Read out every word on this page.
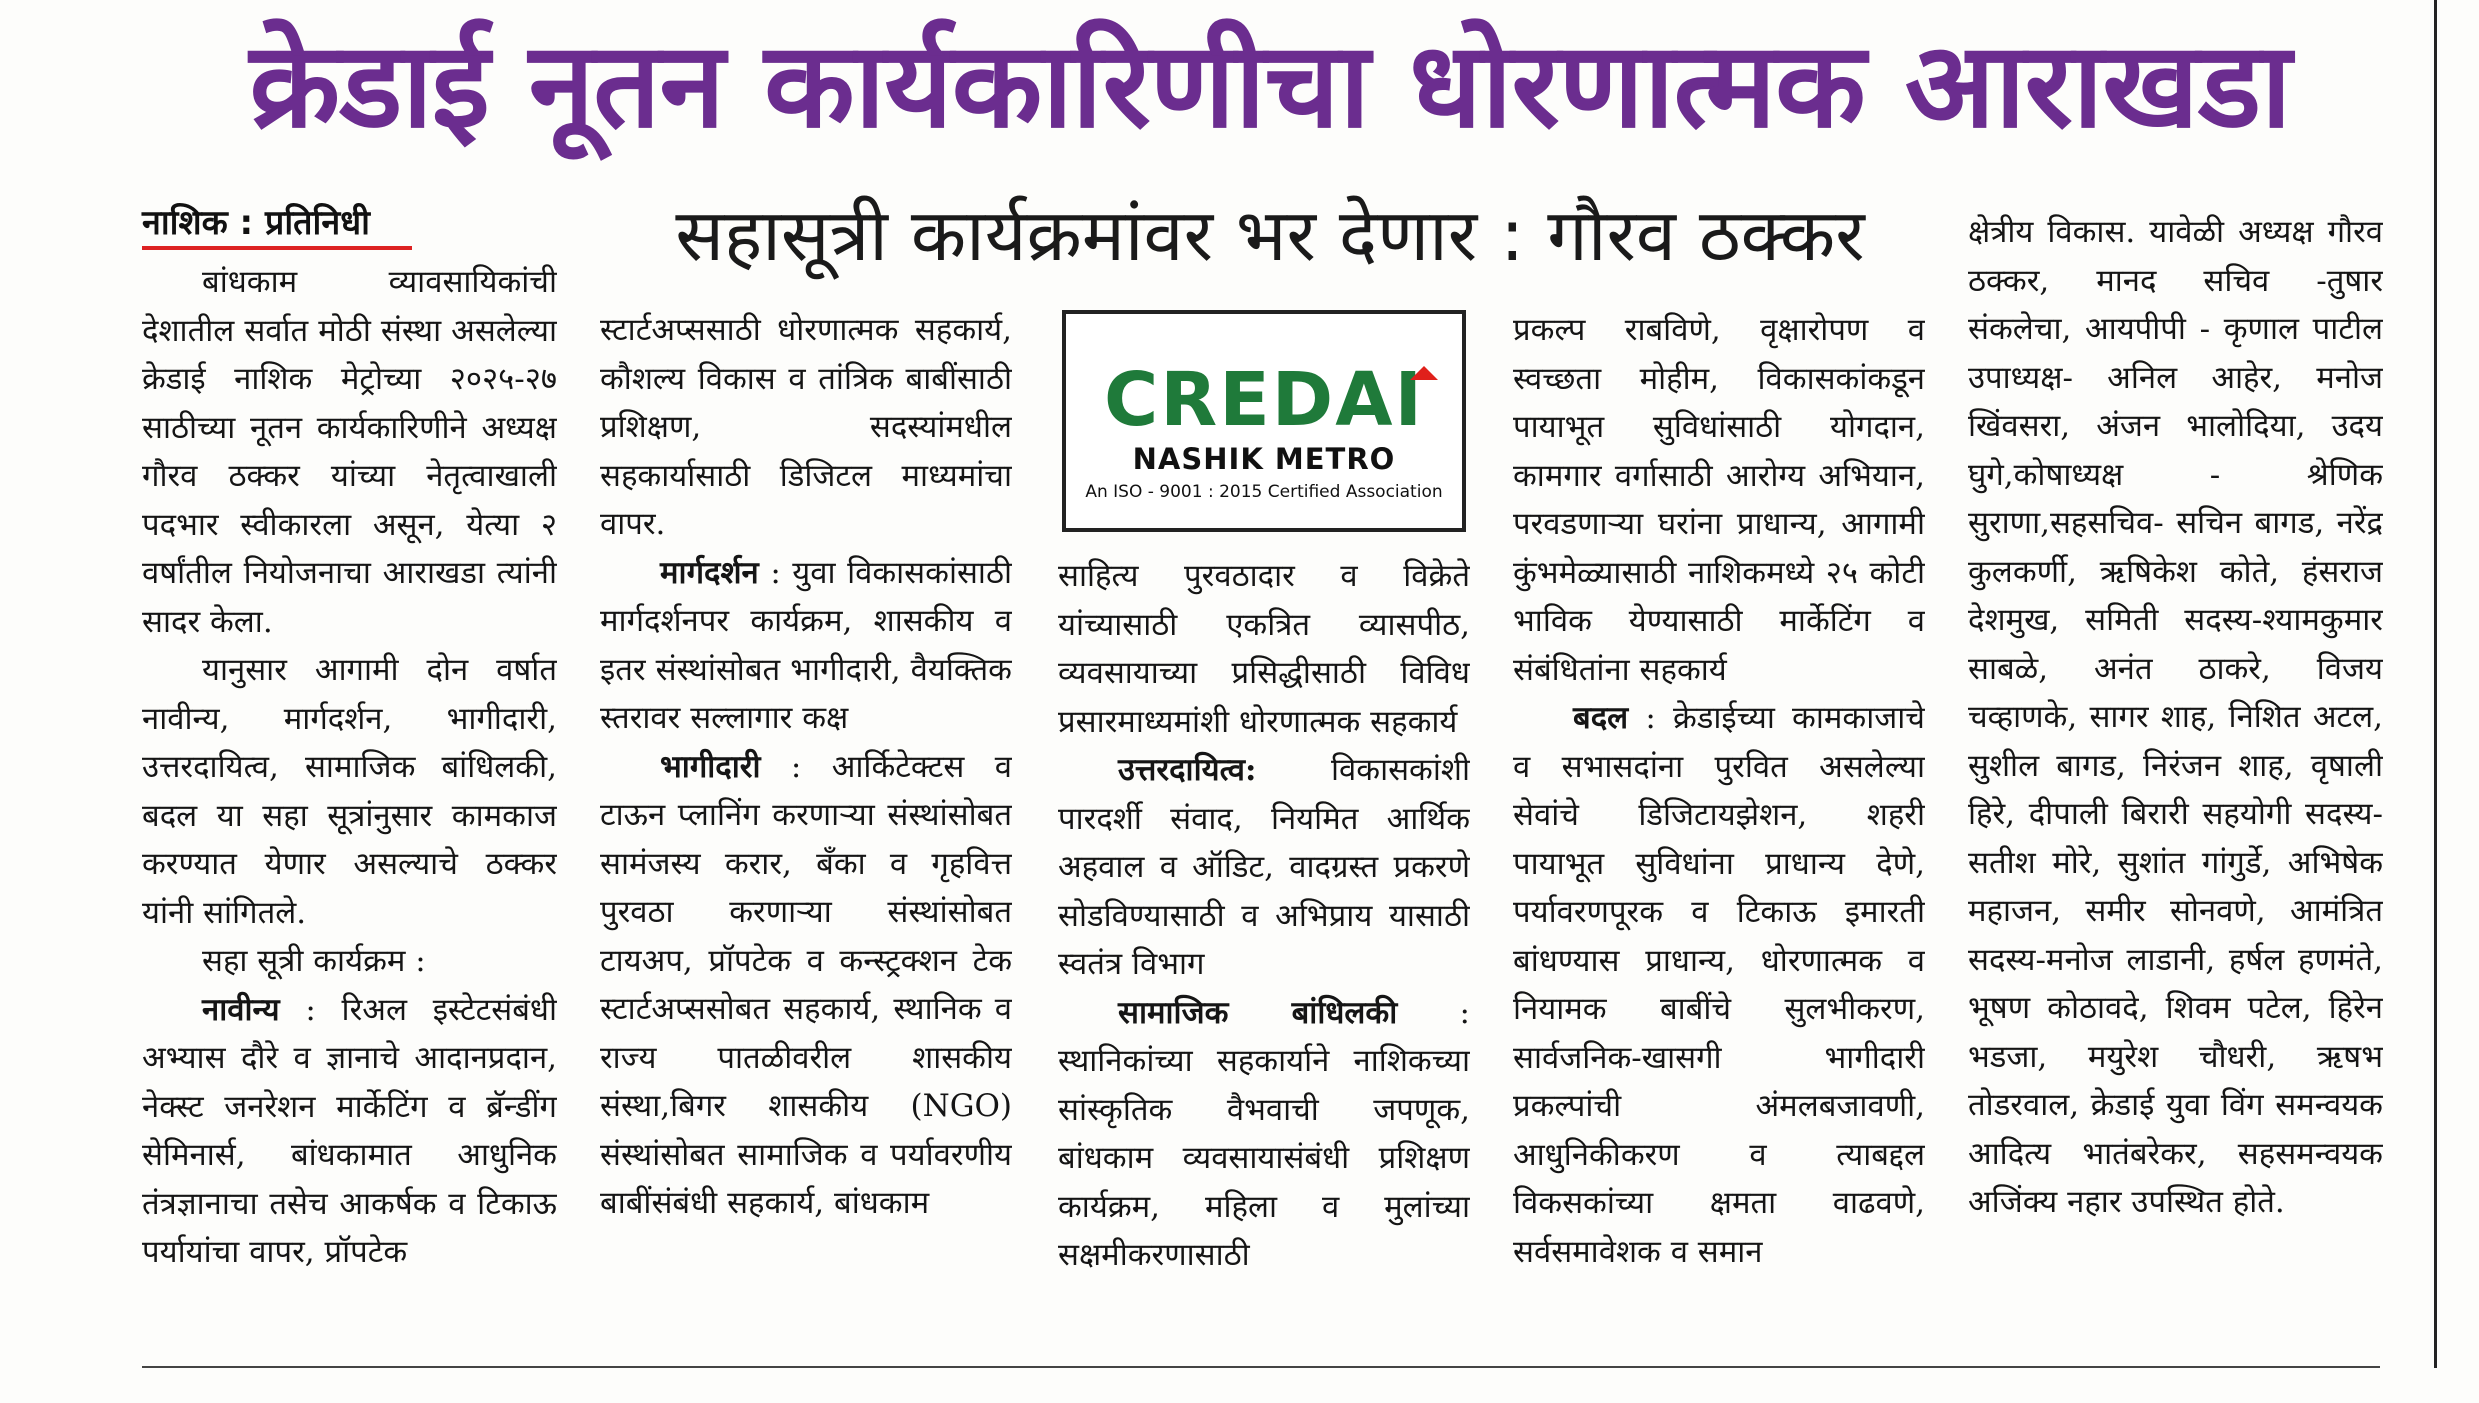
क्रेडाई नूतन कार्यकारिणीचा धोरणात्मक आराखडा
नाशिक : प्रतिनिधी	सहासूत्री कार्यक्रमांवर भर देणार : गौरव ठक्कर

बांधकाम व्यावसायिकांची देशातील सर्वात मोठी संस्था असलेल्या क्रेडाई नाशिक मेट्रोच्या २०२५-२७ साठीच्या नूतन कार्यकारिणीने अध्यक्ष गौरव ठक्कर यांच्या नेतृत्वाखाली पदभार स्वीकारला असून, येत्या २ वर्षांतील नियोजनाचा आराखडा त्यांनी सादर केला.

यानुसार आगामी दोन वर्षात नावीन्य, मार्गदर्शन, भागीदारी, उत्तरदायित्व, सामाजिक बांधिलकी, बदल या सहा सूत्रांनुसार कामकाज करण्यात येणार असल्याचे ठक्कर यांनी सांगितले.

सहा सूत्री कार्यक्रम :

नावीन्य : रिअल इस्टेटसंबंधी अभ्यास दौरे व ज्ञानाचे आदानप्रदान, नेक्स्ट जनरेशन मार्केटिंग व ब्रॅन्डींग सेमिनार्स, बांधकामात आधुनिक तंत्रज्ञानाचा तसेच आकर्षक व टिकाऊ पर्यायांचा वापर, प्रॉपटेक

स्टार्टअप्ससाठी धोरणात्मक सहकार्य, कौशल्य विकास व तांत्रिक बाबींसाठी प्रशिक्षण, सदस्यांमधील सहकार्यासाठी डिजिटल माध्यमांचा वापर.

मार्गदर्शन : युवा विकासकांसाठी मार्गदर्शनपर कार्यक्रम, शासकीय व इतर संस्थांसोबत भागीदारी, वैयक्तिक स्तरावर सल्लागार कक्ष

भागीदारी : आर्किटेक्टस व टाऊन प्लानिंग करणाऱ्या संस्थांसोबत सामंजस्य करार, बँका व गृहवित्त पुरवठा करणाऱ्या संस्थांसोबत टायअप, प्रॉपटेक व कन्स्ट्रक्शन टेक स्टार्टअप्ससोबत सहकार्य, स्थानिक व राज्य पातळीवरील शासकीय संस्था,बिगर शासकीय (NGO) संस्थांसोबत सामाजिक व पर्यावरणीय बाबींसंबंधी सहकार्य, बांधकाम

CREDAI
NASHIK METRO
An ISO - 9001 : 2015 Certified Association

साहित्य पुरवठादार व विक्रेते यांच्यासाठी एकत्रित व्यासपीठ, व्यवसायाच्या प्रसिद्धीसाठी विविध प्रसारमाध्यमांशी धोरणात्मक सहकार्य

उत्तरदायित्व: विकासकांशी पारदर्शी संवाद, नियमित आर्थिक अहवाल व ऑडिट, वादग्रस्त प्रकरणे सोडविण्यासाठी व अभिप्राय यासाठी स्वतंत्र विभाग

सामाजिक बांधिलकी : स्थानिकांच्या सहकार्याने नाशिकच्या सांस्कृतिक वैभवाची जपणूक, बांधकाम व्यवसायासंबंधी प्रशिक्षण कार्यक्रम, महिला व मुलांच्या सक्षमीकरणासाठी

प्रकल्प राबविणे, वृक्षारोपण व स्वच्छता मोहीम, विकासकांकडून पायाभूत सुविधांसाठी योगदान, कामगार वर्गासाठी आरोग्य अभियान, परवडणाऱ्या घरांना प्राधान्य, आगामी कुंभमेळ्यासाठी नाशिकमध्ये २५ कोटी भाविक येण्यासाठी मार्केटिंग व संबंधितांना सहकार्य

बदल : क्रेडाईच्या कामकाजाचे व सभासदांना पुरवित असलेल्या सेवांचे डिजिटायझेशन, शहरी पायाभूत सुविधांना प्राधान्य देणे, पर्यावरणपूरक व टिकाऊ इमारती बांधण्यास प्राधान्य, धोरणात्मक व नियामक बाबींचे सुलभीकरण, सार्वजनिक-खासगी भागीदारी प्रकल्पांची अंमलबजावणी, आधुनिकीकरण व त्याबद्दल विकसकांच्या क्षमता वाढवणे, सर्वसमावेशक व समान

क्षेत्रीय विकास. यावेळी अध्यक्ष गौरव ठक्कर, मानद सचिव -तुषार संकलेचा, आयपीपी - कृणाल पाटील उपाध्यक्ष- अनिल आहेर, मनोज खिंवसरा, अंजन भालोदिया, उदय घुगे,कोषाध्यक्ष - श्रेणिक सुराणा,सहसचिव- सचिन बागड, नरेंद्र कुलकर्णी, ऋषिकेश कोते, हंसराज देशमुख, समिती सदस्य-श्यामकुमार साबळे, अनंत ठाकरे, विजय चव्हाणके, सागर शाह, निशित अटल, सुशील बागड, निरंजन शाह, वृषाली हिरे, दीपाली बिरारी सहयोगी सदस्य-सतीश मोरे, सुशांत गांगुर्डे, अभिषेक महाजन, समीर सोनवणे, आमंत्रित सदस्य-मनोज लाडानी, हर्षल हणमंते, भूषण कोठावदे, शिवम पटेल, हिरेन भडजा, मयुरेश चौधरी, ऋषभ तोडरवाल, क्रेडाई युवा विंग समन्वयक आदित्य भातंबरेकर, सहसमन्वयक अजिंक्य नहार उपस्थित होते.
